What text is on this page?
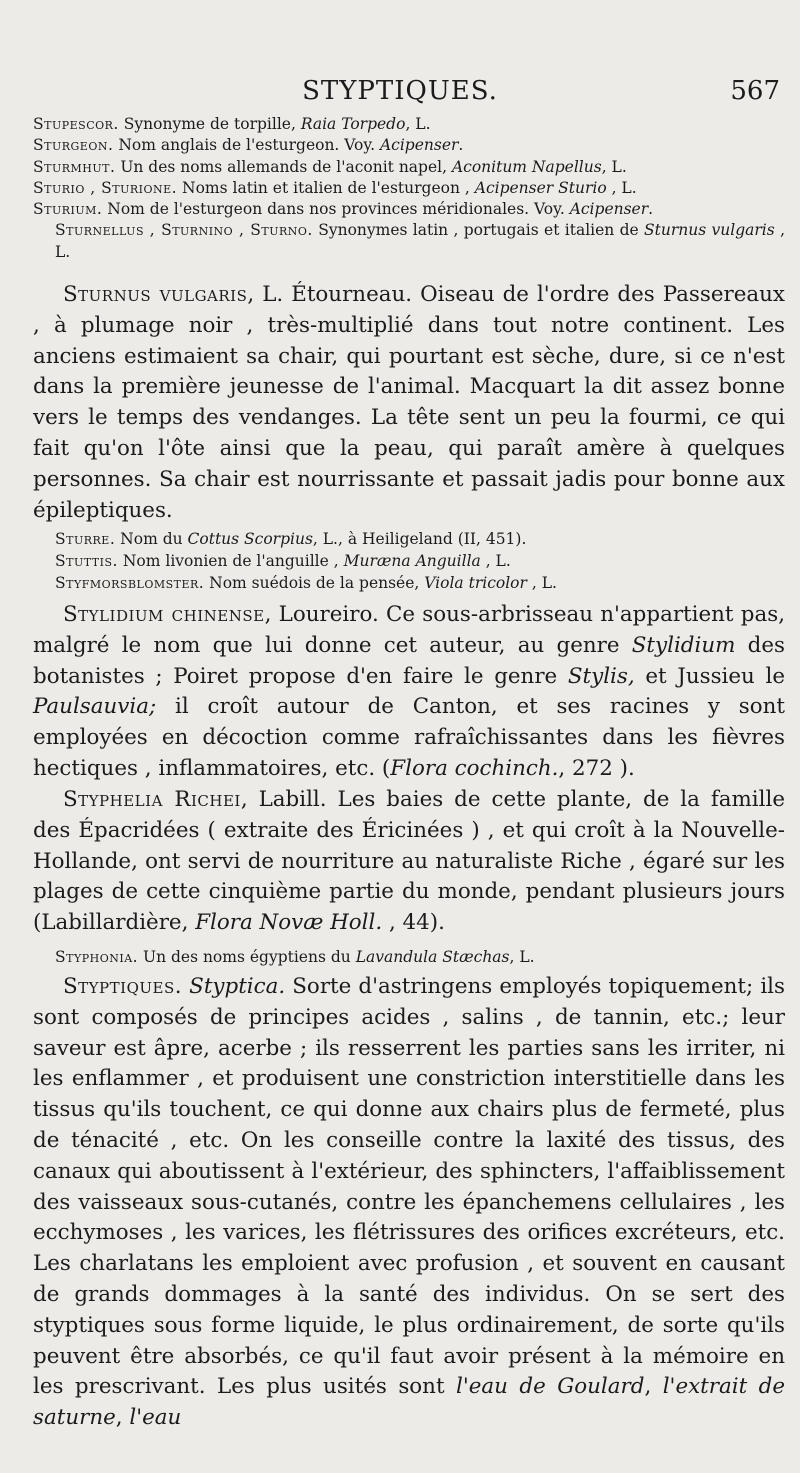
STYPTIQUES.	567

Stupescor. Synonyme de torpille, Raia Torpedo, L.

Sturgeon. Nom anglais de l'esturgeon. Voy. Acipenser.

Sturmhut. Un des noms allemands de l'aconit napel, Aconitum Napellus, L.

Sturio , Sturione. Noms latin et italien de l'esturgeon , Acipenser Sturio , L.

Sturium. Nom de l'esturgeon dans nos provinces méridionales. Voy. Acipenser.

Sturnellus , Sturnino , Sturno. Synonymes latin , portugais et italien de Sturnus vulgaris , L.

Sturnus vulgaris, L. Étourneau. Oiseau de l'ordre des Passereaux , à plumage noir , très-multiplié dans tout notre continent. Les anciens estimaient sa chair, qui pourtant est sèche, dure, si ce n'est dans la première jeunesse de l'animal. Macquart la dit assez bonne vers le temps des vendanges. La tête sent un peu la fourmi, ce qui fait qu'on l'ôte ainsi que la peau, qui paraît amère à quelques personnes. Sa chair est nourrissante et passait jadis pour bonne aux épileptiques.

Sturre. Nom du Cottus Scorpius, L., à Heiligeland (II, 451).

Stuttis. Nom livonien de l'anguille , Muræna Anguilla , L.

Styfmorsblomster. Nom suédois de la pensée, Viola tricolor , L.

Stylidium chinense, Loureiro. Ce sous-arbrisseau n'appartient pas, malgré le nom que lui donne cet auteur, au genre Stylidium des botanistes ; Poiret propose d'en faire le genre Stylis, et Jussieu le Paulsauvia; il croît autour de Canton, et ses racines y sont employées en décoction comme rafraîchissantes dans les fièvres hectiques , inflammatoires, etc. (Flora cochinch., 272 ).

Styphelia Richei, Labill. Les baies de cette plante, de la famille des Épacridées ( extraite des Éricinées ) , et qui croît à la Nouvelle-Hollande, ont servi de nourriture au naturaliste Riche , égaré sur les plages de cette cinquième partie du monde, pendant plusieurs jours (Labillardière, Flora Novæ Holl. , 44).

Styphonia. Un des noms égyptiens du Lavandula Stæchas, L.

Styptiques. Styptica. Sorte d'astringens employés topiquement; ils sont composés de principes acides , salins , de tannin, etc.; leur saveur est âpre, acerbe ; ils resserrent les parties sans les irriter, ni les enflammer , et produisent une constriction interstitielle dans les tissus qu'ils touchent, ce qui donne aux chairs plus de fermeté, plus de ténacité , etc. On les conseille contre la laxité des tissus, des canaux qui aboutissent à l'extérieur, des sphincters, l'affaiblissement des vaisseaux sous-cutanés, contre les épanchemens cellulaires , les ecchymoses , les varices, les flétrissures des orifices excréteurs, etc. Les charlatans les emploient avec profusion , et souvent en causant de grands dommages à la santé des individus. On se sert des styptiques sous forme liquide, le plus ordinairement, de sorte qu'ils peuvent être absorbés, ce qu'il faut avoir présent à la mémoire en les prescrivant. Les plus usités sont l'eau de Goulard, l'extrait de saturne, l'eau
